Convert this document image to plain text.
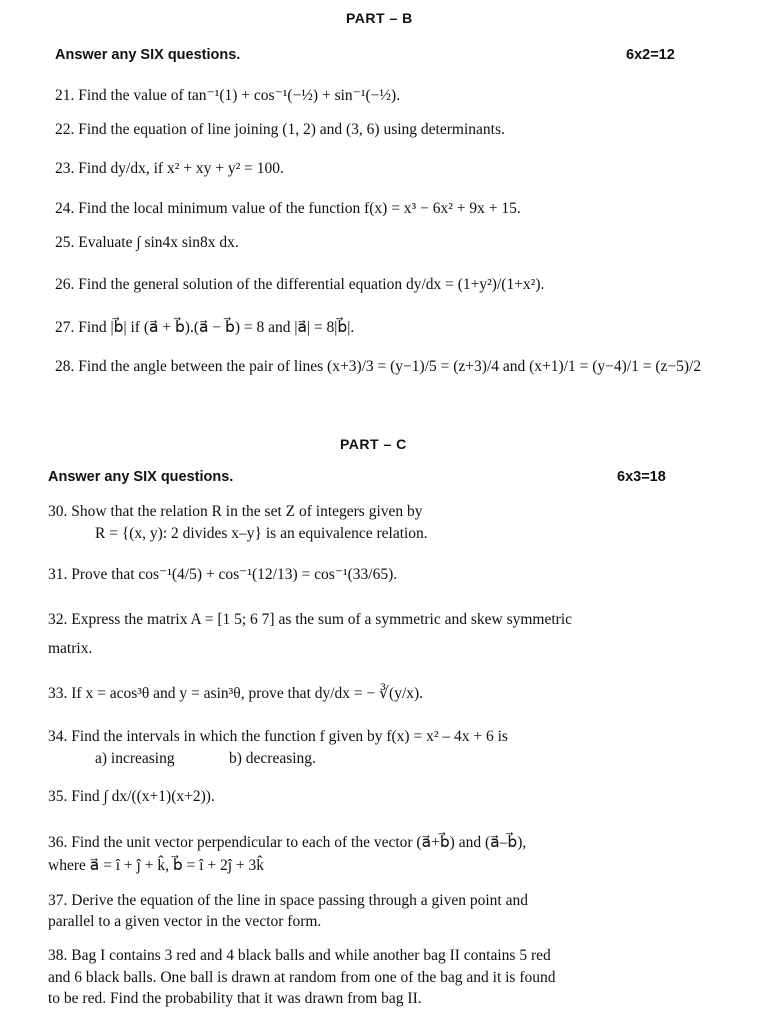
PART – B
Answer any SIX questions.	6x2=12
21. Find the value of tan⁻¹(1) + cos⁻¹(−½) + sin⁻¹(−½).
22. Find the equation of line joining (1, 2) and (3, 6) using determinants.
23. Find dy/dx, if x² + xy + y² = 100.
24. Find the local minimum value of the function f(x) = x³ − 6x² + 9x + 15.
25. Evaluate ∫ sin4x sin8x dx.
26. Find the general solution of the differential equation dy/dx = (1+y²)/(1+x²).
27. Find |b⃗| if (a⃗ + b⃗).(a⃗ − b⃗) = 8 and |a⃗| = 8|b⃗|.
28. Find the angle between the pair of lines (x+3)/3 = (y−1)/5 = (z+3)/4 and (x+1)/1 = (y−4)/1 = (z−5)/2
PART – C
Answer any SIX questions.	6x3=18
30. Show that the relation R in the set Z of integers given by
R = {(x, y): 2 divides x–y} is an equivalence relation.
31. Prove that cos⁻¹(4/5) + cos⁻¹(12/13) = cos⁻¹(33/65).
32. Express the matrix A = [1 5; 6 7] as the sum of a symmetric and skew symmetric
matrix.
33. If x = acos³θ and y = asin³θ, prove that dy/dx = − ∛(y/x).
34. Find the intervals in which the function f given by f(x) = x² – 4x + 6 is
a) increasing	b) decreasing.
35. Find ∫ dx/((x+1)(x+2)).
36. Find the unit vector perpendicular to each of the vector (a⃗+b⃗) and (a⃗–b⃗),
where a⃗ = î + ĵ + k̂, b⃗ = î + 2ĵ + 3k̂
37. Derive the equation of the line in space passing through a given point and
parallel to a given vector in the vector form.
38. Bag I contains 3 red and 4 black balls and while another bag II contains 5 red
and 6 black balls. One ball is drawn at random from one of the bag and it is found
to be red. Find the probability that it was drawn from bag II.
